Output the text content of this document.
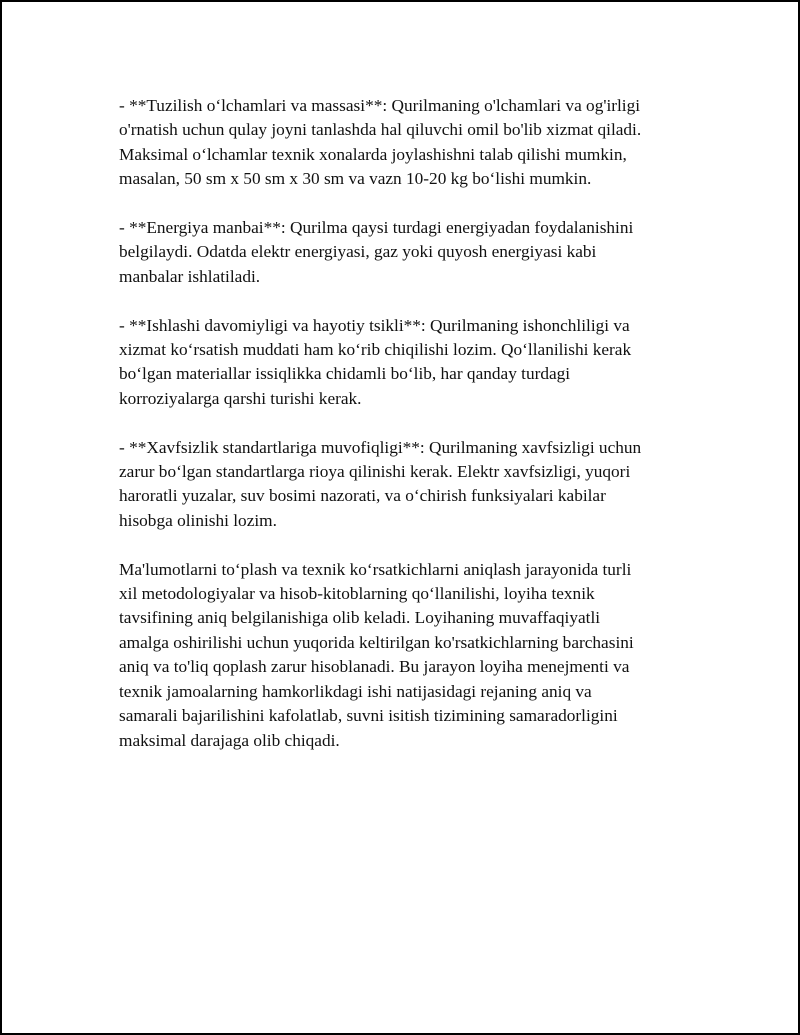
- **Tuzilish o‘lchamlari va massasi**: Qurilmaning o'lchamlari va og'irligi
o'rnatish uchun qulay joyni tanlashda hal qiluvchi omil bo'lib xizmat qiladi.
Maksimal o‘lchamlar texnik xonalarda joylashishni talab qilishi mumkin,
masalan, 50 sm x 50 sm x 30 sm va vazn 10-20 kg bo‘lishi mumkin.

- **Energiya manbai**: Qurilma qaysi turdagi energiyadan foydalanishini
belgilaydi. Odatda elektr energiyasi, gaz yoki quyosh energiyasi kabi
manbalar ishlatiladi.

- **Ishlashi davomiyligi va hayotiy tsikli**: Qurilmaning ishonchliligi va
xizmat ko‘rsatish muddati ham ko‘rib chiqilishi lozim. Qo‘llanilishi kerak
bo‘lgan materiallar issiqlikka chidamli bo‘lib, har qanday turdagi
korroziyalarga qarshi turishi kerak.

- **Xavfsizlik standartlariga muvofiqligi**: Qurilmaning xavfsizligi uchun
zarur bo‘lgan standartlarga rioya qilinishi kerak. Elektr xavfsizligi, yuqori
haroratli yuzalar, suv bosimi nazorati, va o‘chirish funksiyalari kabilar
hisobga olinishi lozim.

Ma'lumotlarni to‘plash va texnik ko‘rsatkichlarni aniqlash jarayonida turli
xil metodologiyalar va hisob-kitoblarning qo‘llanilishi, loyiha texnik
tavsifining aniq belgilanishiga olib keladi. Loyihaning muvaffaqiyatli
amalga oshirilishi uchun yuqorida keltirilgan ko'rsatkichlarning barchasini
aniq va to'liq qoplash zarur hisoblanadi. Bu jarayon loyiha menejmenti va
texnik jamoalarning hamkorlikdagi ishi natijasidagi rejaning aniq va
samarali bajarilishini kafolatlab, suvni isitish tizimining samaradorligini
maksimal darajaga olib chiqadi.
